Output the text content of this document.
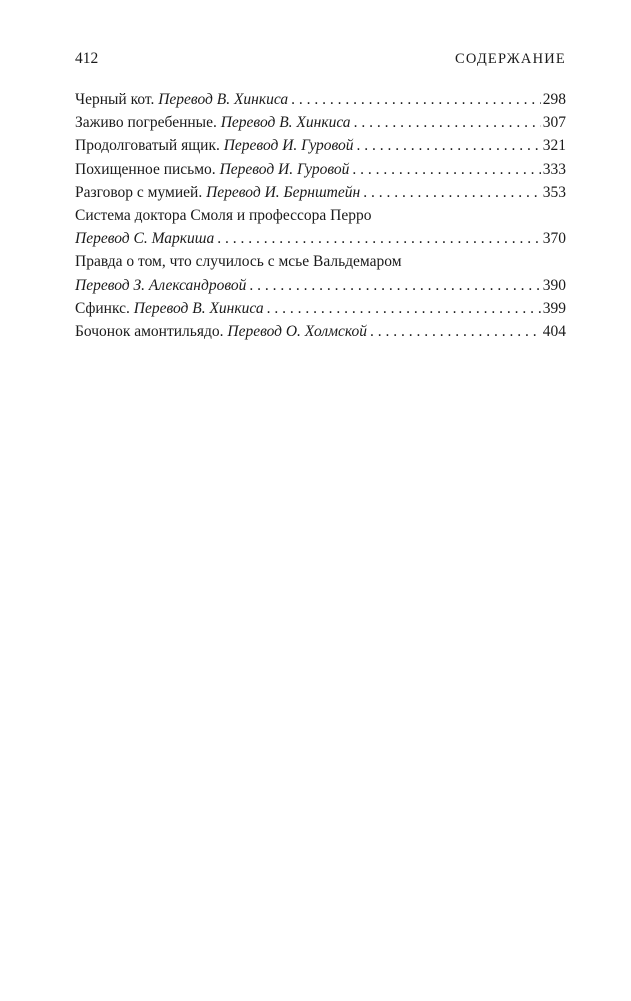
412	СОДЕРЖАНИЕ
Черный кот. Перевод В. Хинкиса . . .	298
Заживо погребенные. Перевод В. Хинкиса . . .	307
Продолговатый ящик. Перевод И. Гуровой . . .	321
Похищенное письмо. Перевод И. Гуровой . . .	333
Разговор с мумией. Перевод И. Бернштейн . . .	353
Система доктора Смоля и профессора Перро
Перевод С. Маркиша . . .	370
Правда о том, что случилось с мсье Вальдемаром
Перевод З. Александровой . . .	390
Сфинкс. Перевод В. Хинкиса . . .	399
Бочонок амонтильядо. Перевод О. Холмской . . .	404
